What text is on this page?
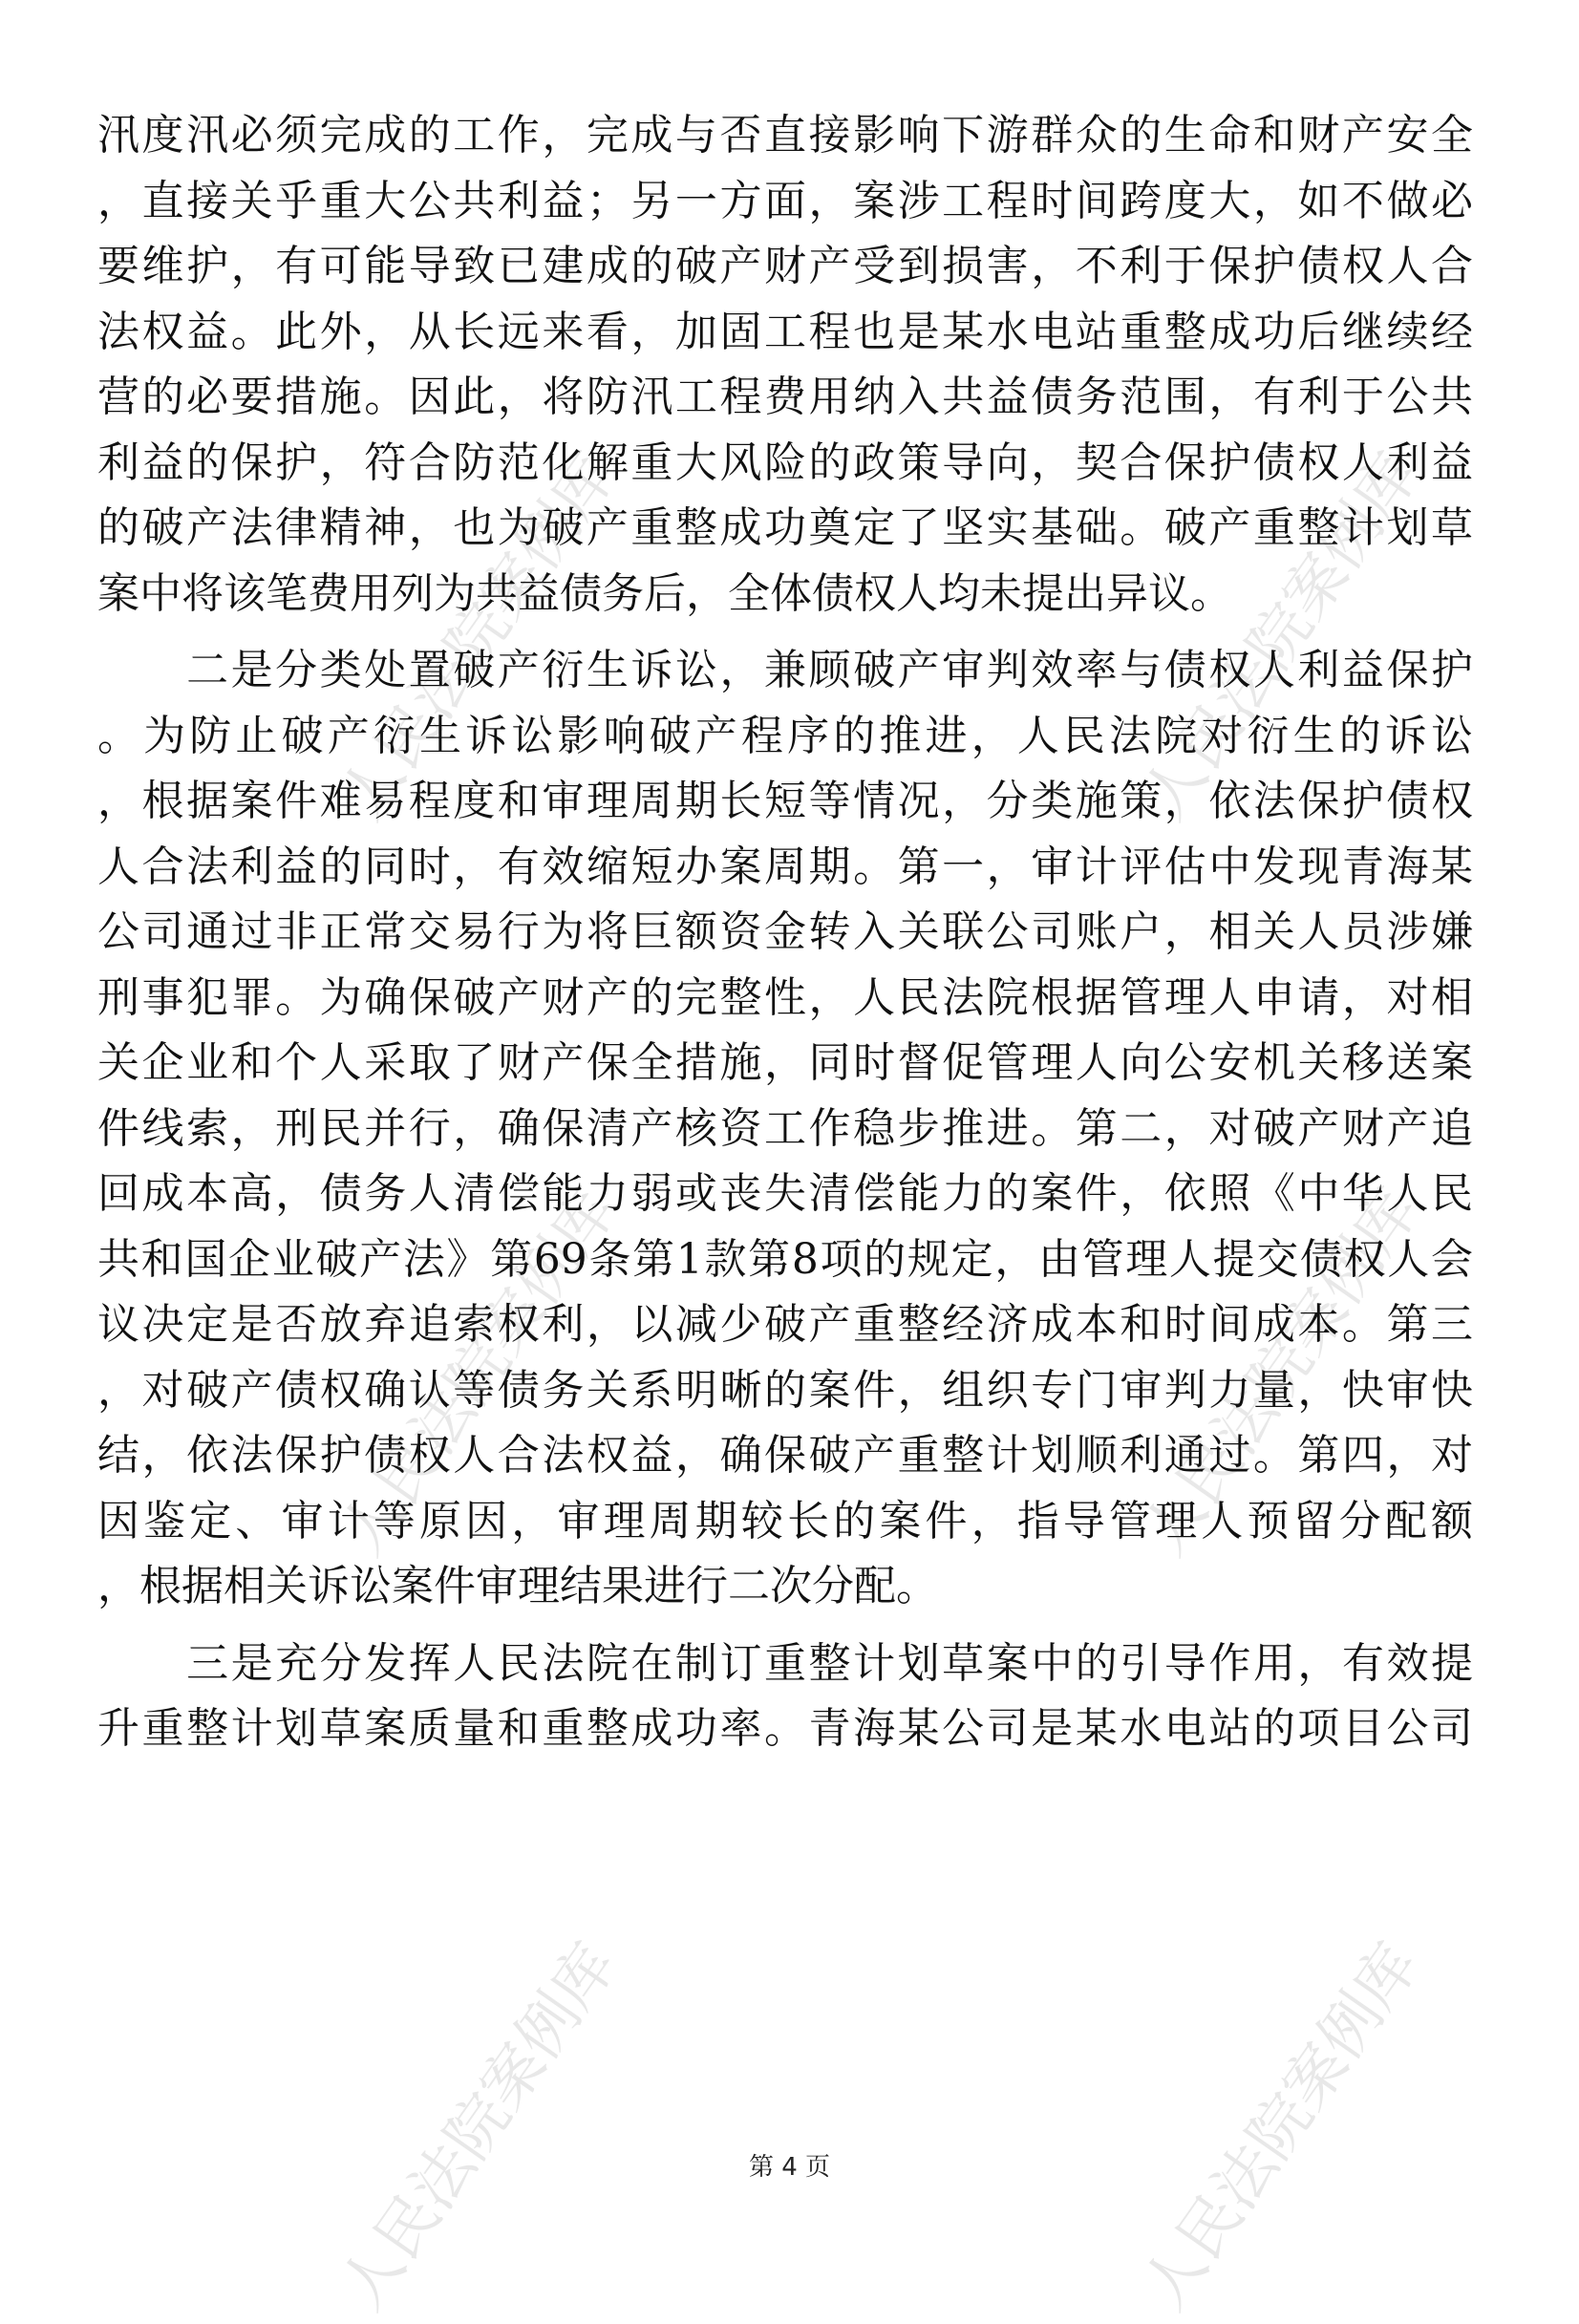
人民法院案例库	人民法院案例库
人民法院案例库	人民法院案例库
人民法院案例库	人民法院案例库
汛度汛必须完成的工作，完成与否直接影响下游群众的生命和财产安全
，直接关乎重大公共利益；另一方面，案涉工程时间跨度大，如不做必
要维护，有可能导致已建成的破产财产受到损害，不利于保护债权人合
法权益。此外，从长远来看，加固工程也是某水电站重整成功后继续经
营的必要措施。因此，将防汛工程费用纳入共益债务范围，有利于公共
利益的保护，符合防范化解重大风险的政策导向，契合保护债权人利益
的破产法律精神，也为破产重整成功奠定了坚实基础。破产重整计划草
案中将该笔费用列为共益债务后，全体债权人均未提出异议。
　　二是分类处置破产衍生诉讼，兼顾破产审判效率与债权人利益保护
。为防止破产衍生诉讼影响破产程序的推进，人民法院对衍生的诉讼
，根据案件难易程度和审理周期长短等情况，分类施策，依法保护债权
人合法利益的同时，有效缩短办案周期。第一，审计评估中发现青海某
公司通过非正常交易行为将巨额资金转入关联公司账户，相关人员涉嫌
刑事犯罪。为确保破产财产的完整性，人民法院根据管理人申请，对相
关企业和个人采取了财产保全措施，同时督促管理人向公安机关移送案
件线索，刑民并行，确保清产核资工作稳步推进。第二，对破产财产追
回成本高，债务人清偿能力弱或丧失清偿能力的案件，依照《中华人民
共和国企业破产法》第69条第1款第8项的规定，由管理人提交债权人会
议决定是否放弃追索权利，以减少破产重整经济成本和时间成本。第三
，对破产债权确认等债务关系明晰的案件，组织专门审判力量，快审快
结，依法保护债权人合法权益，确保破产重整计划顺利通过。第四，对
因鉴定、审计等原因，审理周期较长的案件，指导管理人预留分配额
，根据相关诉讼案件审理结果进行二次分配。
　　三是充分发挥人民法院在制订重整计划草案中的引导作用，有效提
升重整计划草案质量和重整成功率。青海某公司是某水电站的项目公司
第 4 页
